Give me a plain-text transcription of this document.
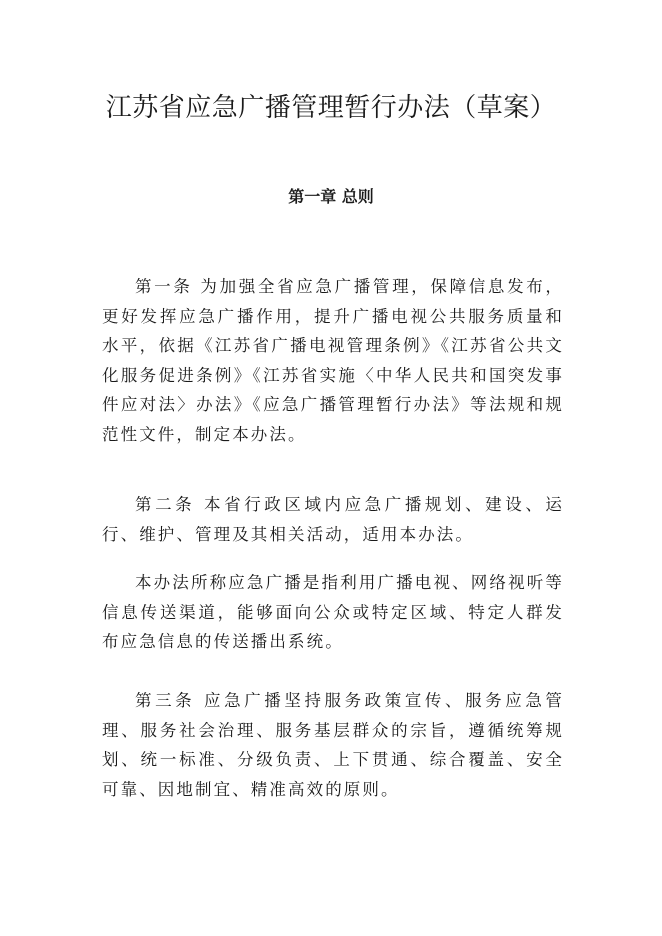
江苏省应急广播管理暂行办法（草案）
第一章 总则

第一条 为加强全省应急广播管理，保障信息发布，更好发挥应急广播作用，提升广播电视公共服务质量和水平，依据《江苏省广播电视管理条例》《江苏省公共文化服务促进条例》《江苏省实施〈中华人民共和国突发事件应对法〉办法》《应急广播管理暂行办法》等法规和规范性文件，制定本办法。

第二条 本省行政区域内应急广播规划、建设、运行、维护、管理及其相关活动，适用本办法。

本办法所称应急广播是指利用广播电视、网络视听等信息传送渠道，能够面向公众或特定区域、特定人群发布应急信息的传送播出系统。

第三条 应急广播坚持服务政策宣传、服务应急管理、服务社会治理、服务基层群众的宗旨，遵循统筹规划、统一标准、分级负责、上下贯通、综合覆盖、安全可靠、因地制宜、精准高效的原则。
